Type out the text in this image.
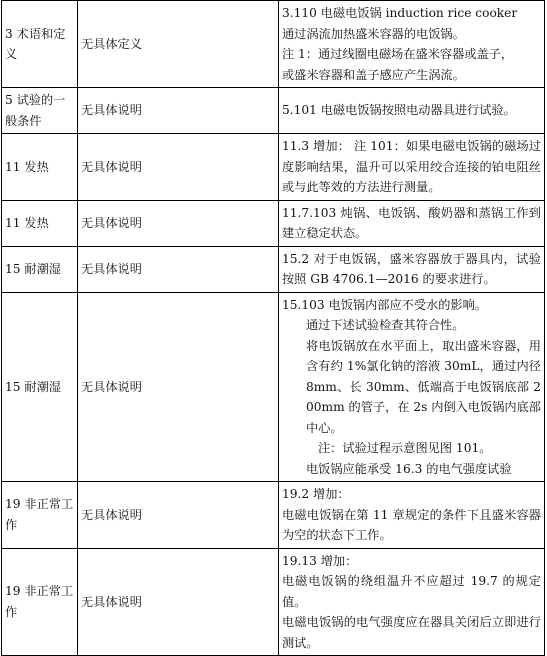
3 术语和定义	无具体定义	3.110 电磁电饭锅 induction rice cooker
通过涡流加热盛米容器的电饭锅。
注 1：通过线圈电磁场在盛米容器或盖子，
或盛米容器和盖子感应产生涡流。

5 试验的一般条件	无具体说明	5.101 电磁电饭锅按照电动器具进行试验。

11 发热	无具体说明	11.3 增加： 注 101：如果电磁电饭锅的磁场过度影响结果，温升可以采用绞合连接的铂电阻丝或与此等效的方法进行测量。

11 发热	无具体说明	11.7.103 炖锅、电饭锅、酸奶器和蒸锅工作到建立稳定状态。

15 耐潮湿	无具体说明	15.2 对于电饭锅，盛米容器放于器具内，试验按照 GB 4706.1—2016 的要求进行。

15 耐潮湿	无具体说明	15.103 电饭锅内部应不受水的影响。
通过下述试验检查其符合性。
将电饭锅放在水平面上，取出盛米容器，用含有约 1%氯化钠的溶液 30mL，通过内径 8mm、长 30mm、低端高于电饭锅底部 200mm 的管子，在 2s 内倒入电饭锅内底部中心。
注：试验过程示意图见图 101。
电饭锅应能承受 16.3 的电气强度试验

19 非正常工作	无具体说明	19.2 增加：
电磁电饭锅在第 11 章规定的条件下且盛米容器为空的状态下工作。

19 非正常工作	无具体说明	19.13 增加：
电磁电饭锅的绕组温升不应超过 19.7 的规定值。
电磁电饭锅的电气强度应在器具关闭后立即进行测试。
